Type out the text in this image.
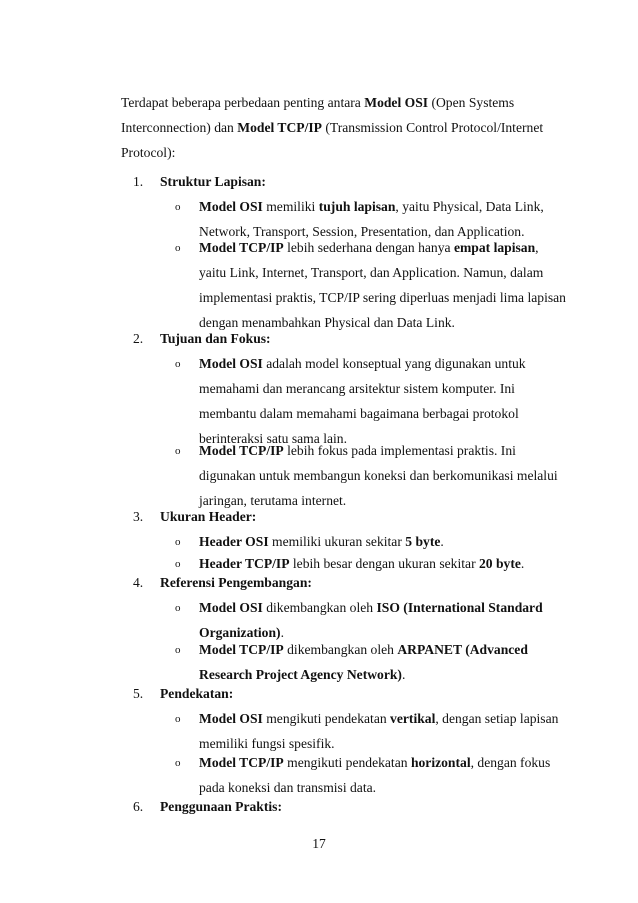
Terdapat beberapa perbedaan penting antara Model OSI (Open Systems
Interconnection) dan Model TCP/IP (Transmission Control Protocol/Internet
Protocol):
1. Struktur Lapisan:
o Model OSI memiliki tujuh lapisan, yaitu Physical, Data Link,
Network, Transport, Session, Presentation, dan Application.
o Model TCP/IP lebih sederhana dengan hanya empat lapisan,
yaitu Link, Internet, Transport, dan Application. Namun, dalam
implementasi praktis, TCP/IP sering diperluas menjadi lima lapisan
dengan menambahkan Physical dan Data Link.
2. Tujuan dan Fokus:
o Model OSI adalah model konseptual yang digunakan untuk
memahami dan merancang arsitektur sistem komputer. Ini
membantu dalam memahami bagaimana berbagai protokol
berinteraksi satu sama lain.
o Model TCP/IP lebih fokus pada implementasi praktis. Ini
digunakan untuk membangun koneksi dan berkomunikasi melalui
jaringan, terutama internet.
3. Ukuran Header:
o Header OSI memiliki ukuran sekitar 5 byte.
o Header TCP/IP lebih besar dengan ukuran sekitar 20 byte.
4. Referensi Pengembangan:
o Model OSI dikembangkan oleh ISO (International Standard
Organization).
o Model TCP/IP dikembangkan oleh ARPANET (Advanced
Research Project Agency Network).
5. Pendekatan:
o Model OSI mengikuti pendekatan vertikal, dengan setiap lapisan
memiliki fungsi spesifik.
o Model TCP/IP mengikuti pendekatan horizontal, dengan fokus
pada koneksi dan transmisi data.
6. Penggunaan Praktis:
17
